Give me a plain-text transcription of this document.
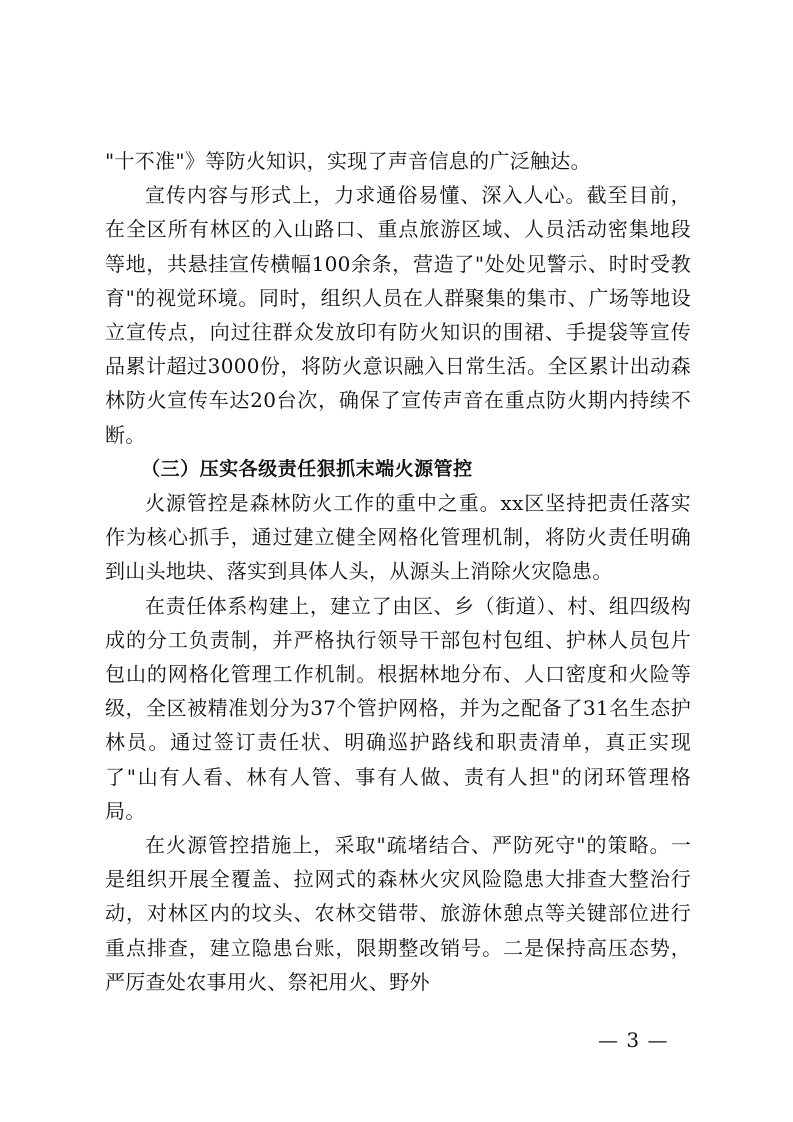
"十不准"》等防火知识，实现了声音信息的广泛触达。

宣传内容与形式上，力求通俗易懂、深入人心。截至目前，在全区所有林区的入山路口、重点旅游区域、人员活动密集地段等地，共悬挂宣传横幅100余条，营造了"处处见警示、时时受教育"的视觉环境。同时，组织人员在人群聚集的集市、广场等地设立宣传点，向过往群众发放印有防火知识的围裙、手提袋等宣传品累计超过3000份，将防火意识融入日常生活。全区累计出动森林防火宣传车达20台次，确保了宣传声音在重点防火期内持续不断。

（三）压实各级责任狠抓末端火源管控

火源管控是森林防火工作的重中之重。xx区坚持把责任落实作为核心抓手，通过建立健全网格化管理机制，将防火责任明确到山头地块、落实到具体人头，从源头上消除火灾隐患。

在责任体系构建上，建立了由区、乡（街道）、村、组四级构成的分工负责制，并严格执行领导干部包村包组、护林人员包片包山的网格化管理工作机制。根据林地分布、人口密度和火险等级，全区被精准划分为37个管护网格，并为之配备了31名生态护林员。通过签订责任状、明确巡护路线和职责清单，真正实现了"山有人看、林有人管、事有人做、责有人担"的闭环管理格局。

在火源管控措施上，采取"疏堵结合、严防死守"的策略。一是组织开展全覆盖、拉网式的森林火灾风险隐患大排查大整治行动，对林区内的坟头、农林交错带、旅游休憩点等关键部位进行重点排查，建立隐患台账，限期整改销号。二是保持高压态势，严厉查处农事用火、祭祀用火、野外

— 3 —
